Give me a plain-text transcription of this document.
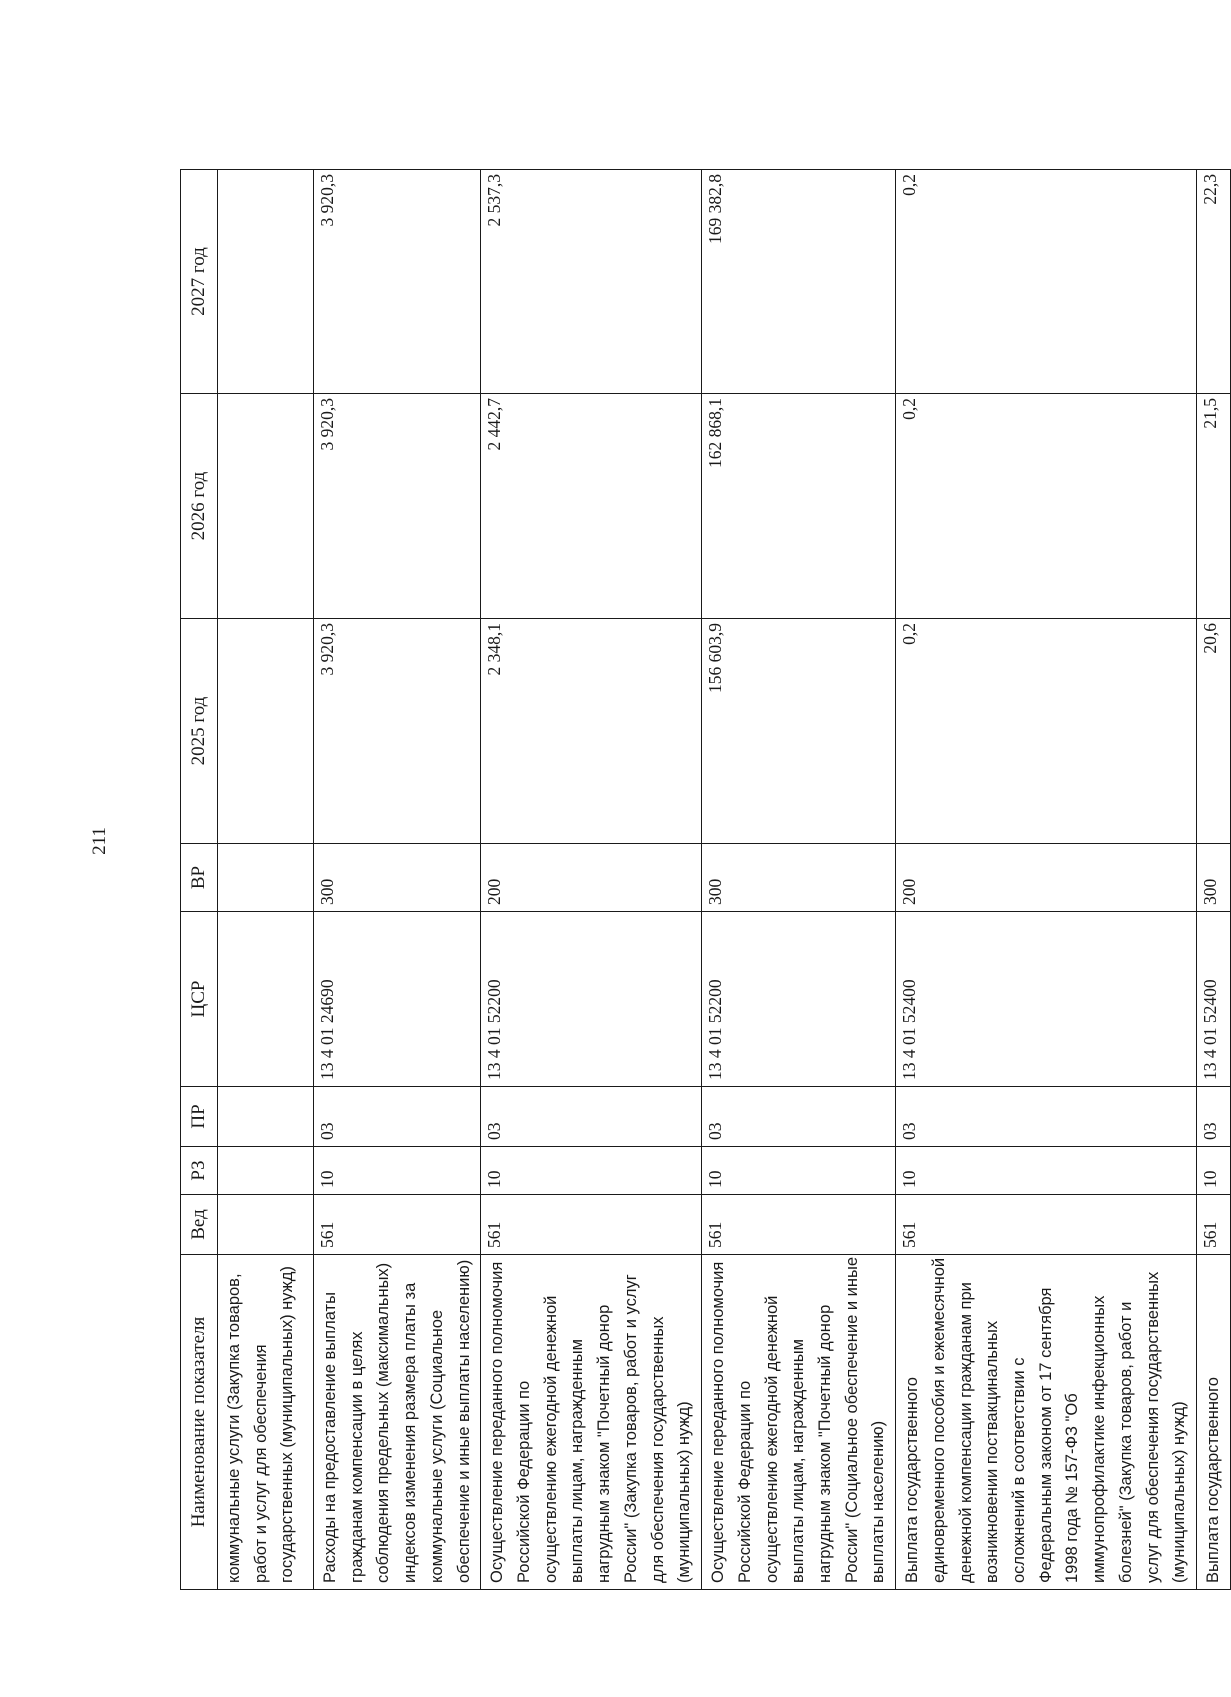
211
Наименование показателя	Вед	РЗ	ПР	ЦСР	ВР	2025 год	2026 год	2027 год
коммунальные услуги (Закупка товаров, работ и услуг для обеспечения государственных (муниципальных) нужд)								
Расходы на предоставление выплаты гражданам компенсации в целях соблюдения предельных (максимальных) индексов изменения размера платы за коммунальные услуги (Социальное обеспечение и иные выплаты населению)	561	10	03	13 4 01 24690	300	3 920,3	3 920,3	3 920,3
Осуществление переданного полномочия Российской Федерации по осуществлению ежегодной денежной выплаты лицам, награжденным нагрудным знаком "Почетный донор России" (Закупка товаров, работ и услуг для обеспечения государственных (муниципальных) нужд)	561	10	03	13 4 01 52200	200	2 348,1	2 442,7	2 537,3
Осуществление переданного полномочия Российской Федерации по осуществлению ежегодной денежной выплаты лицам, награжденным нагрудным знаком "Почетный донор России" (Социальное обеспечение и иные выплаты населению)	561	10	03	13 4 01 52200	300	156 603,9	162 868,1	169 382,8
Выплата государственного единовременного пособия и ежемесячной денежной компенсации гражданам при возникновении поствакцинальных осложнений в соответствии с Федеральным законом от 17 сентября 1998 года № 157-ФЗ "Об иммунопрофилактике инфекционных болезней" (Закупка товаров, работ и услуг для обеспечения государственных (муниципальных) нужд)	561	10	03	13 4 01 52400	200	0,2	0,2	0,2
Выплата государственного	561	10	03	13 4 01 52400	300	20,6	21,5	22,3
